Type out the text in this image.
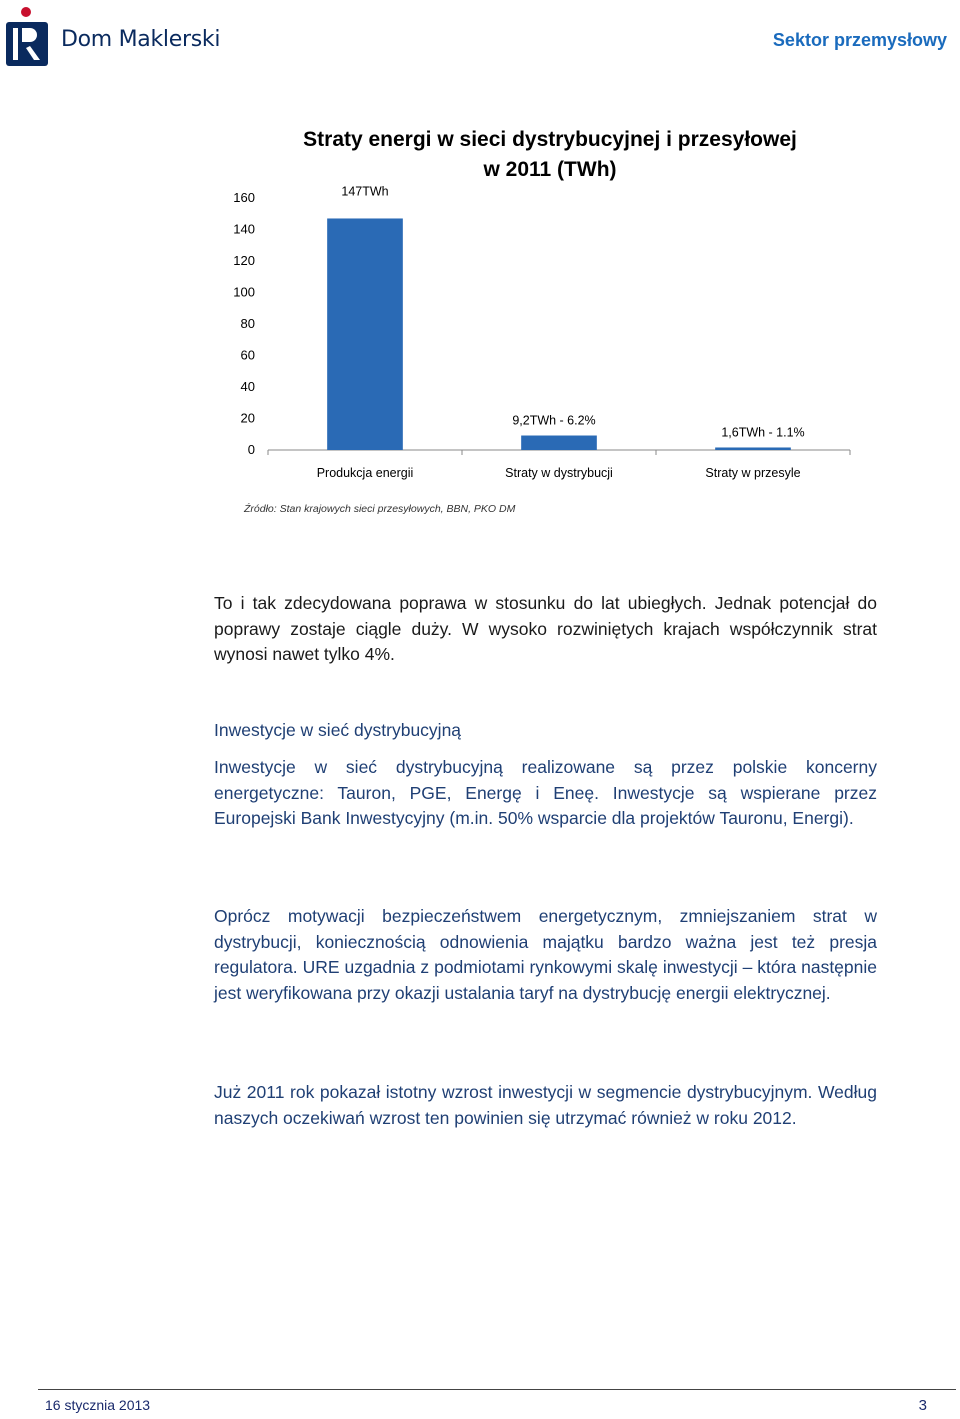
Dom Maklerski	Sektor przemysłowy
Straty energi w sieci dystrybucyjnej i przesyłowej
w 2011 (TWh)
0
20
40
60
80
100
120
140
160	147TWh
Produkcja energii
9,2TWh - 6.2%
Straty w dystrybucji
1,6TWh - 1.1%
Straty w przesyle
Źródło: Stan krajowych sieci przesyłowych, BBN, PKO DM
To i tak zdecydowana poprawa w stosunku do lat ubiegłych. Jednak potencjał do poprawy zostaje ciągle duży. W wysoko rozwiniętych krajach współczynnik strat wynosi nawet tylko 4%.
Inwestycje w sieć dystrybucyjną
Inwestycje w sieć dystrybucyjną realizowane są przez polskie koncerny energetyczne: Tauron, PGE, Energę i Eneę. Inwestycje są wspierane przez Europejski Bank Inwestycyjny (m.in. 50% wsparcie dla projektów Tauronu, Energi).
Oprócz motywacji bezpieczeństwem energetycznym, zmniejszaniem strat w dystrybucji, koniecznością odnowienia majątku bardzo ważna jest też presja regulatora. URE uzgadnia z podmiotami rynkowymi skalę inwestycji – która następnie jest weryfikowana przy okazji ustalania taryf na dystrybucję energii elektrycznej.
Już 2011 rok pokazał istotny wzrost inwestycji w segmencie dystrybucyjnym. Według naszych oczekiwań wzrost ten powinien się utrzymać również w roku 2012.
16 stycznia 2013	3
